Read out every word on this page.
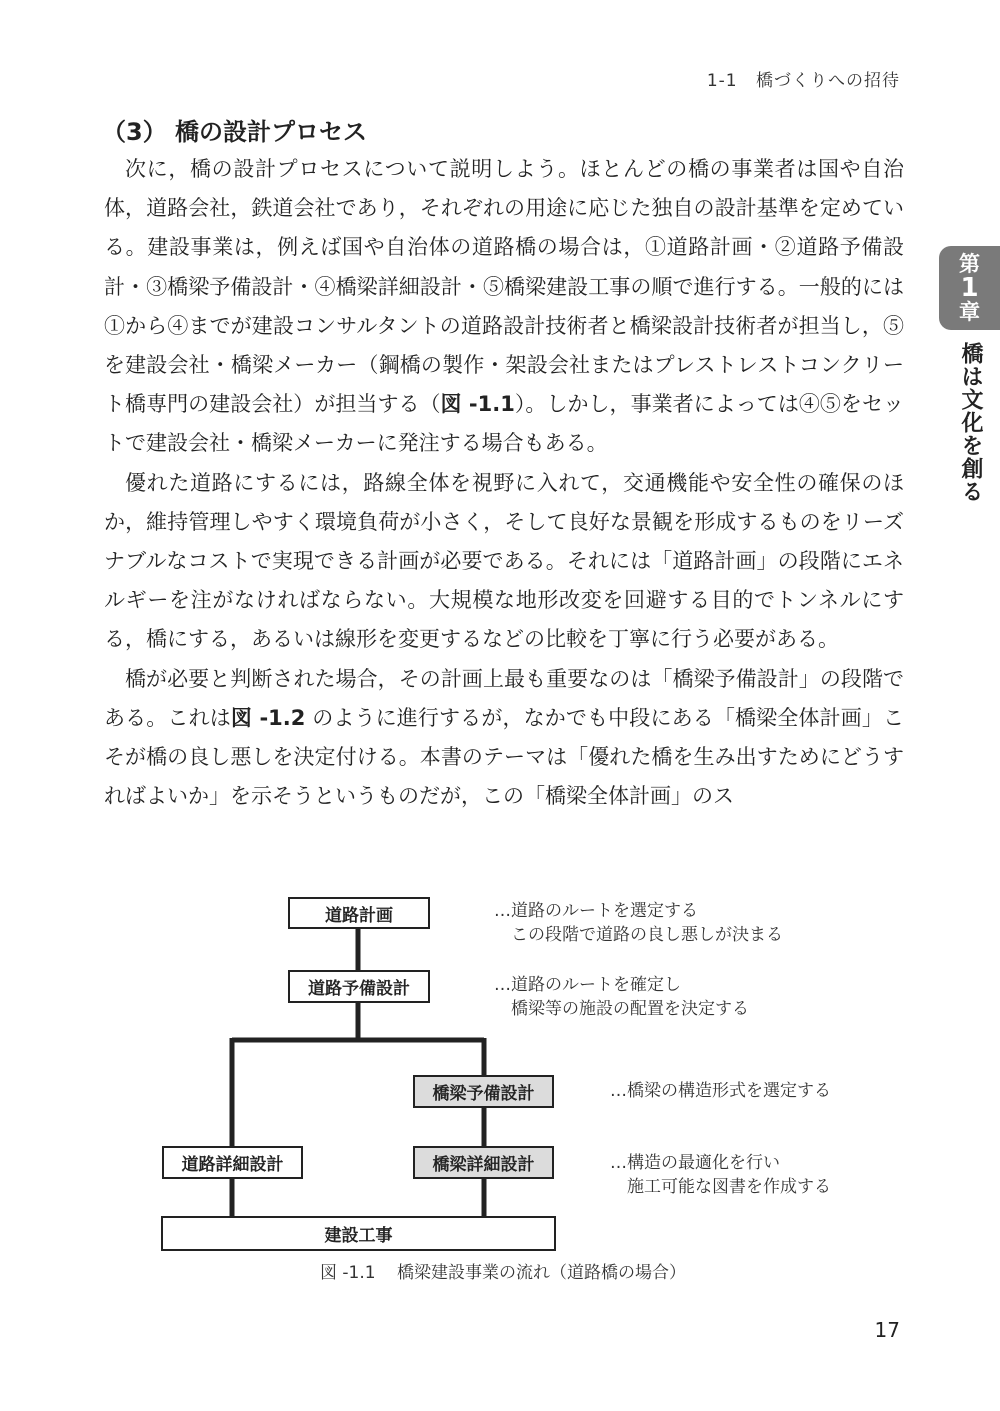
1-1 橋づくりへの招待
（3） 橋の設計プロセス

次に，橋の設計プロセスについて説明しよう。ほとんどの橋の事業者は国や自治体，道路会社，鉄道会社であり，それぞれの用途に応じた独自の設計基準を定めている。建設事業は，例えば国や自治体の道路橋の場合は，①道路計画・②道路予備設計・③橋梁予備設計・④橋梁詳細設計・⑤橋梁建設工事の順で進行する。一般的には①から④までが建設コンサルタントの道路設計技術者と橋梁設計技術者が担当し，⑤を建設会社・橋梁メーカー（鋼橋の製作・架設会社またはプレストレストコンクリート橋専門の建設会社）が担当する（図 -1.1）。しかし，事業者によっては④⑤をセットで建設会社・橋梁メーカーに発注する場合もある。

優れた道路にするには，路線全体を視野に入れて，交通機能や安全性の確保のほか，維持管理しやすく環境負荷が小さく，そして良好な景観を形成するものをリーズナブルなコストで実現できる計画が必要である。それには「道路計画」の段階にエネルギーを注がなければならない。大規模な地形改変を回避する目的でトンネルにする，橋にする，あるいは線形を変更するなどの比較を丁寧に行う必要がある。

橋が必要と判断された場合，その計画上最も重要なのは「橋梁予備設計」の段階である。これは図 -1.2 のように進行するが，なかでも中段にある「橋梁全体計画」こそが橋の良し悪しを決定付ける。本書のテーマは「優れた橋を生み出すためにどうすればよいか」を示そうというものだが，この「橋梁全体計画」のス

第
1
章
橋は文化を創る
道路計画
道路予備設計
橋梁予備設計
道路詳細設計	橋梁詳細設計
建設工事
…道路のルートを選定する
この段階で道路の良し悪しが決まる
…道路のルートを確定し
橋梁等の施設の配置を決定する
…橋梁の構造形式を選定する
…構造の最適化を行い
施工可能な図書を作成する
図 -1.1 橋梁建設事業の流れ（道路橋の場合）
17
